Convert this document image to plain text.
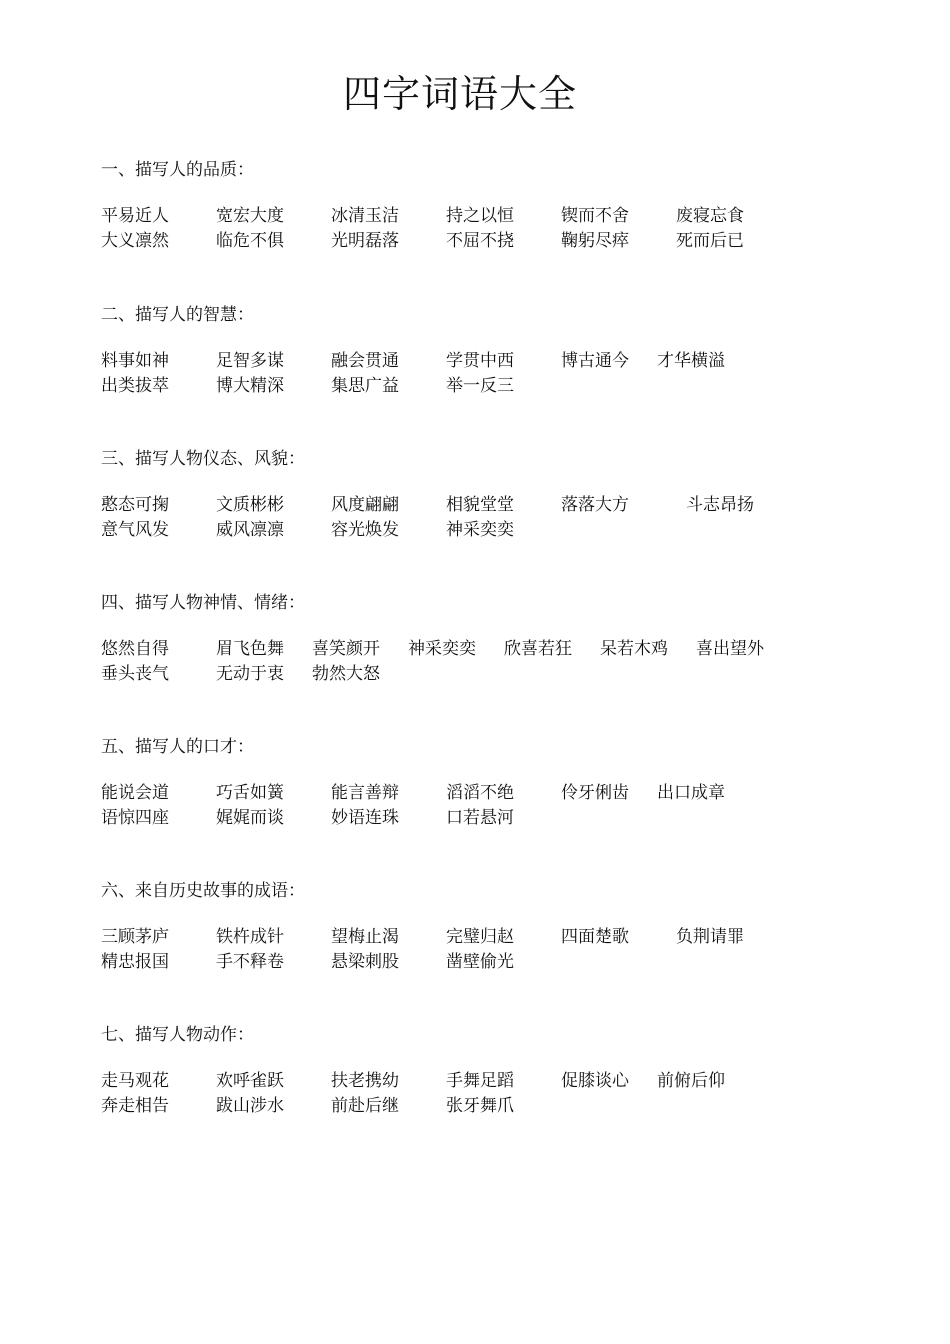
四字词语大全
一、描写人的品质：
平易近人	宽宏大度	冰清玉洁	持之以恒	锲而不舍	废寝忘食
大义凛然	临危不俱	光明磊落	不屈不挠	鞠躬尽瘁	死而后已
二、描写人的智慧：
料事如神	足智多谋	融会贯通	学贯中西	博古通今 才华横溢
出类拔萃	博大精深	集思广益	举一反三
三、描写人物仪态、风貌：
憨态可掬	文质彬彬	风度翩翩	相貌堂堂	落落大方	斗志昂扬
意气风发	威风凛凛	容光焕发	神采奕奕
四、描写人物神情、情绪：
悠然自得	眉飞色舞 喜笑颜开 神采奕奕 欣喜若狂 呆若木鸡 喜出望外
垂头丧气	无动于衷 勃然大怒
五、描写人的口才：
能说会道	巧舌如簧	能言善辩	滔滔不绝	伶牙俐齿 出口成章
语惊四座	娓娓而谈	妙语连珠	口若悬河
六、来自历史故事的成语：
三顾茅庐	铁杵成针	望梅止渴	完璧归赵	四面楚歌	负荆请罪
精忠报国	手不释卷	悬梁刺股	凿壁偷光
七、描写人物动作：
走马观花	欢呼雀跃	扶老携幼	手舞足蹈	促膝谈心 前俯后仰
奔走相告	跋山涉水	前赴后继	张牙舞爪
